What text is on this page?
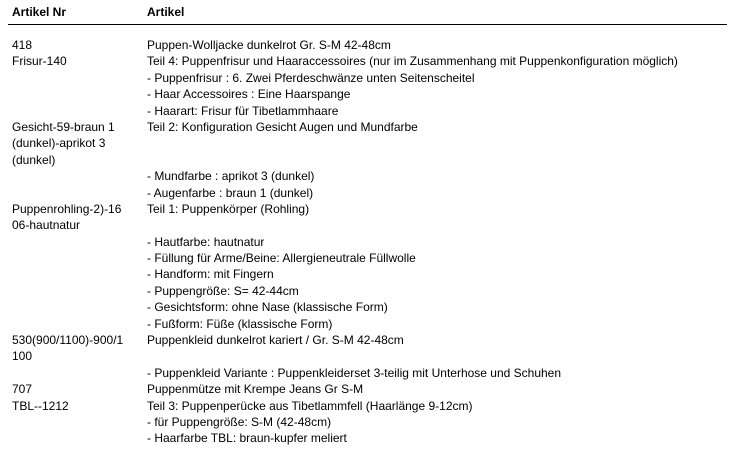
Artikel Nr	Artikel
418
Frisur-140
Puppen-Wolljacke dunkelrot Gr. S-M 42-48cm
Teil 4: Puppenfrisur und Haaraccessoires (nur im Zusammenhang mit Puppenkonfiguration möglich)
- Puppenfrisur : 6. Zwei Pferdeschwänze unten Seitenscheitel
- Haar Accessoires : Eine Haarspange
- Haarart: Frisur für Tibetlammhaare
Gesicht-59-braun 1
(dunkel)-aprikot 3
(dunkel)
Teil 2: Konfiguration Gesicht Augen und Mundfarbe
- Mundfarbe : aprikot 3 (dunkel)
- Augenfarbe : braun 1 (dunkel)
Puppenrohling-2)-16
06-hautnatur
Teil 1: Puppenkörper (Rohling)
- Hautfarbe: hautnatur
- Füllung für Arme/Beine: Allergieneutrale Füllwolle
- Handform: mit Fingern
- Puppengröße: S= 42-44cm
- Gesichtsform: ohne Nase (klassische Form)
- Fußform: Füße (klassische Form)
530(900/1100)-900/1
100
Puppenkleid dunkelrot kariert / Gr. S-M 42-48cm
- Puppenkleid Variante : Puppenkleiderset 3-teilig mit Unterhose und Schuhen
707
TBL--1212
Puppenmütze mit Krempe Jeans Gr S-M
Teil 3: Puppenperücke aus Tibetlammfell (Haarlänge 9-12cm)
- für Puppengröße: S-M (42-48cm)
- Haarfarbe TBL: braun-kupfer meliert
